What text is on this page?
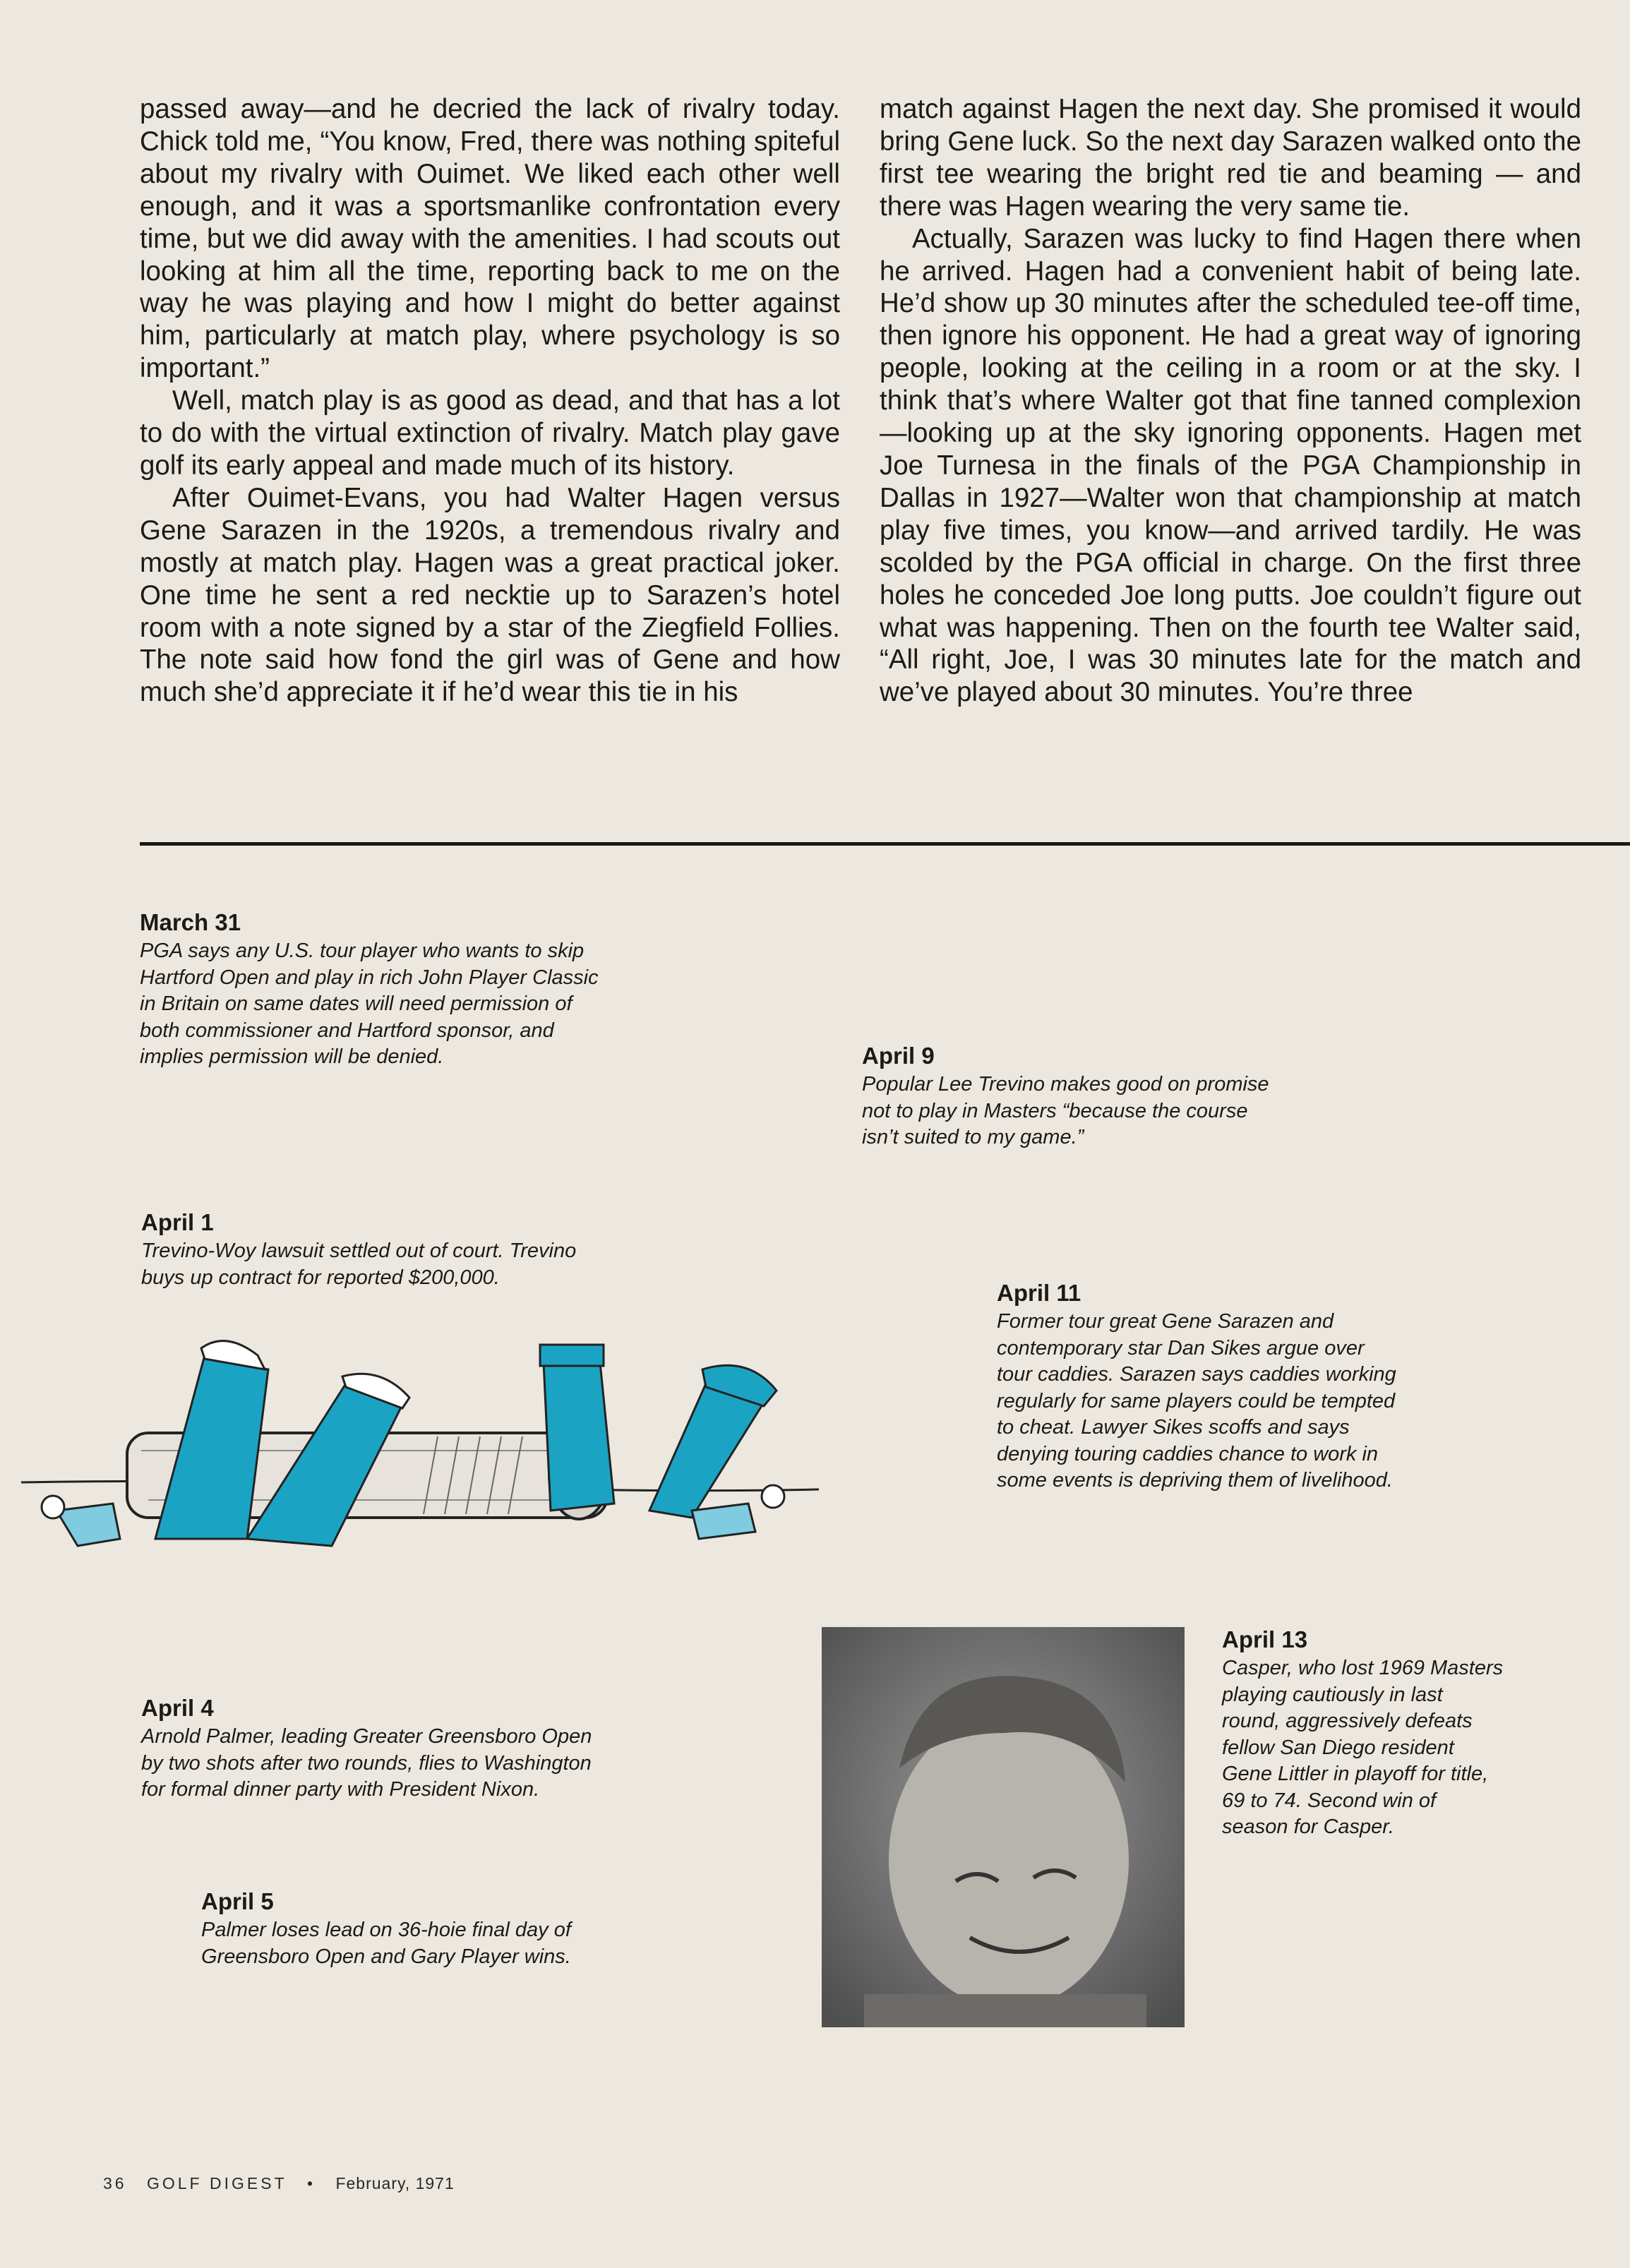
passed away—and he decried the lack of rivalry today. Chick told me, “You know, Fred, there was nothing spiteful about my rivalry with Ouimet. We liked each other well enough, and it was a sportsmanlike confrontation every time, but we did away with the amenities. I had scouts out looking at him all the time, reporting back to me on the way he was playing and how I might do better against him, particularly at match play, where psychology is so important.”

Well, match play is as good as dead, and that has a lot to do with the virtual extinction of rivalry. Match play gave golf its early appeal and made much of its history.

After Ouimet-Evans, you had Walter Hagen versus Gene Sarazen in the 1920s, a tremendous rivalry and mostly at match play. Hagen was a great practical joker. One time he sent a red necktie up to Sarazen’s hotel room with a note signed by a star of the Ziegfield Follies. The note said how fond the girl was of Gene and how much she’d appreciate it if he’d wear this tie in his

match against Hagen the next day. She promised it would bring Gene luck. So the next day Sarazen walked onto the first tee wearing the bright red tie and beaming — and there was Hagen wearing the very same tie.

Actually, Sarazen was lucky to find Hagen there when he arrived. Hagen had a convenient habit of being late. He’d show up 30 minutes after the scheduled tee-off time, then ignore his opponent. He had a great way of ignoring people, looking at the ceiling in a room or at the sky. I think that’s where Walter got that fine tanned complexion—looking up at the sky ignoring opponents. Hagen met Joe Turnesa in the finals of the PGA Championship in Dallas in 1927—Walter won that championship at match play five times, you know—and arrived tardily. He was scolded by the PGA official in charge. On the first three holes he conceded Joe long putts. Joe couldn’t figure out what was happening. Then on the fourth tee Walter said, “All right, Joe, I was 30 minutes late for the match and we’ve played about 30 minutes. You’re three

March 31

PGA says any U.S. tour player who wants to skip
Hartford Open and play in rich John Player Classic
in Britain on same dates will need permission of
both commissioner and Hartford sponsor, and
implies permission will be denied.	April 9

Popular Lee Trevino makes good on promise
not to play in Masters “because the course
isn’t suited to my game.”

April 1

Trevino-Woy lawsuit settled out of court. Trevino
buys up contract for reported $200,000.

April 11

Former tour great Gene Sarazen and
contemporary star Dan Sikes argue over
tour caddies. Sarazen says caddies working
regularly for same players could be tempted
to cheat. Lawyer Sikes scoffs and says
denying touring caddies chance to work in
some events is depriving them of livelihood.

April 13

Casper, who lost 1969 Masters
playing cautiously in last
round, aggressively defeats
fellow San Diego resident
Gene Littler in playoff for title,
69 to 74. Second win of
season for Casper.

April 4

Arnold Palmer, leading Greater Greensboro Open
by two shots after two rounds, flies to Washington
for formal dinner party with President Nixon.

April 5

Palmer loses lead on 36-hoie final day of
Greensboro Open and Gary Player wins.

36 GOLF DIGEST • February, 1971
